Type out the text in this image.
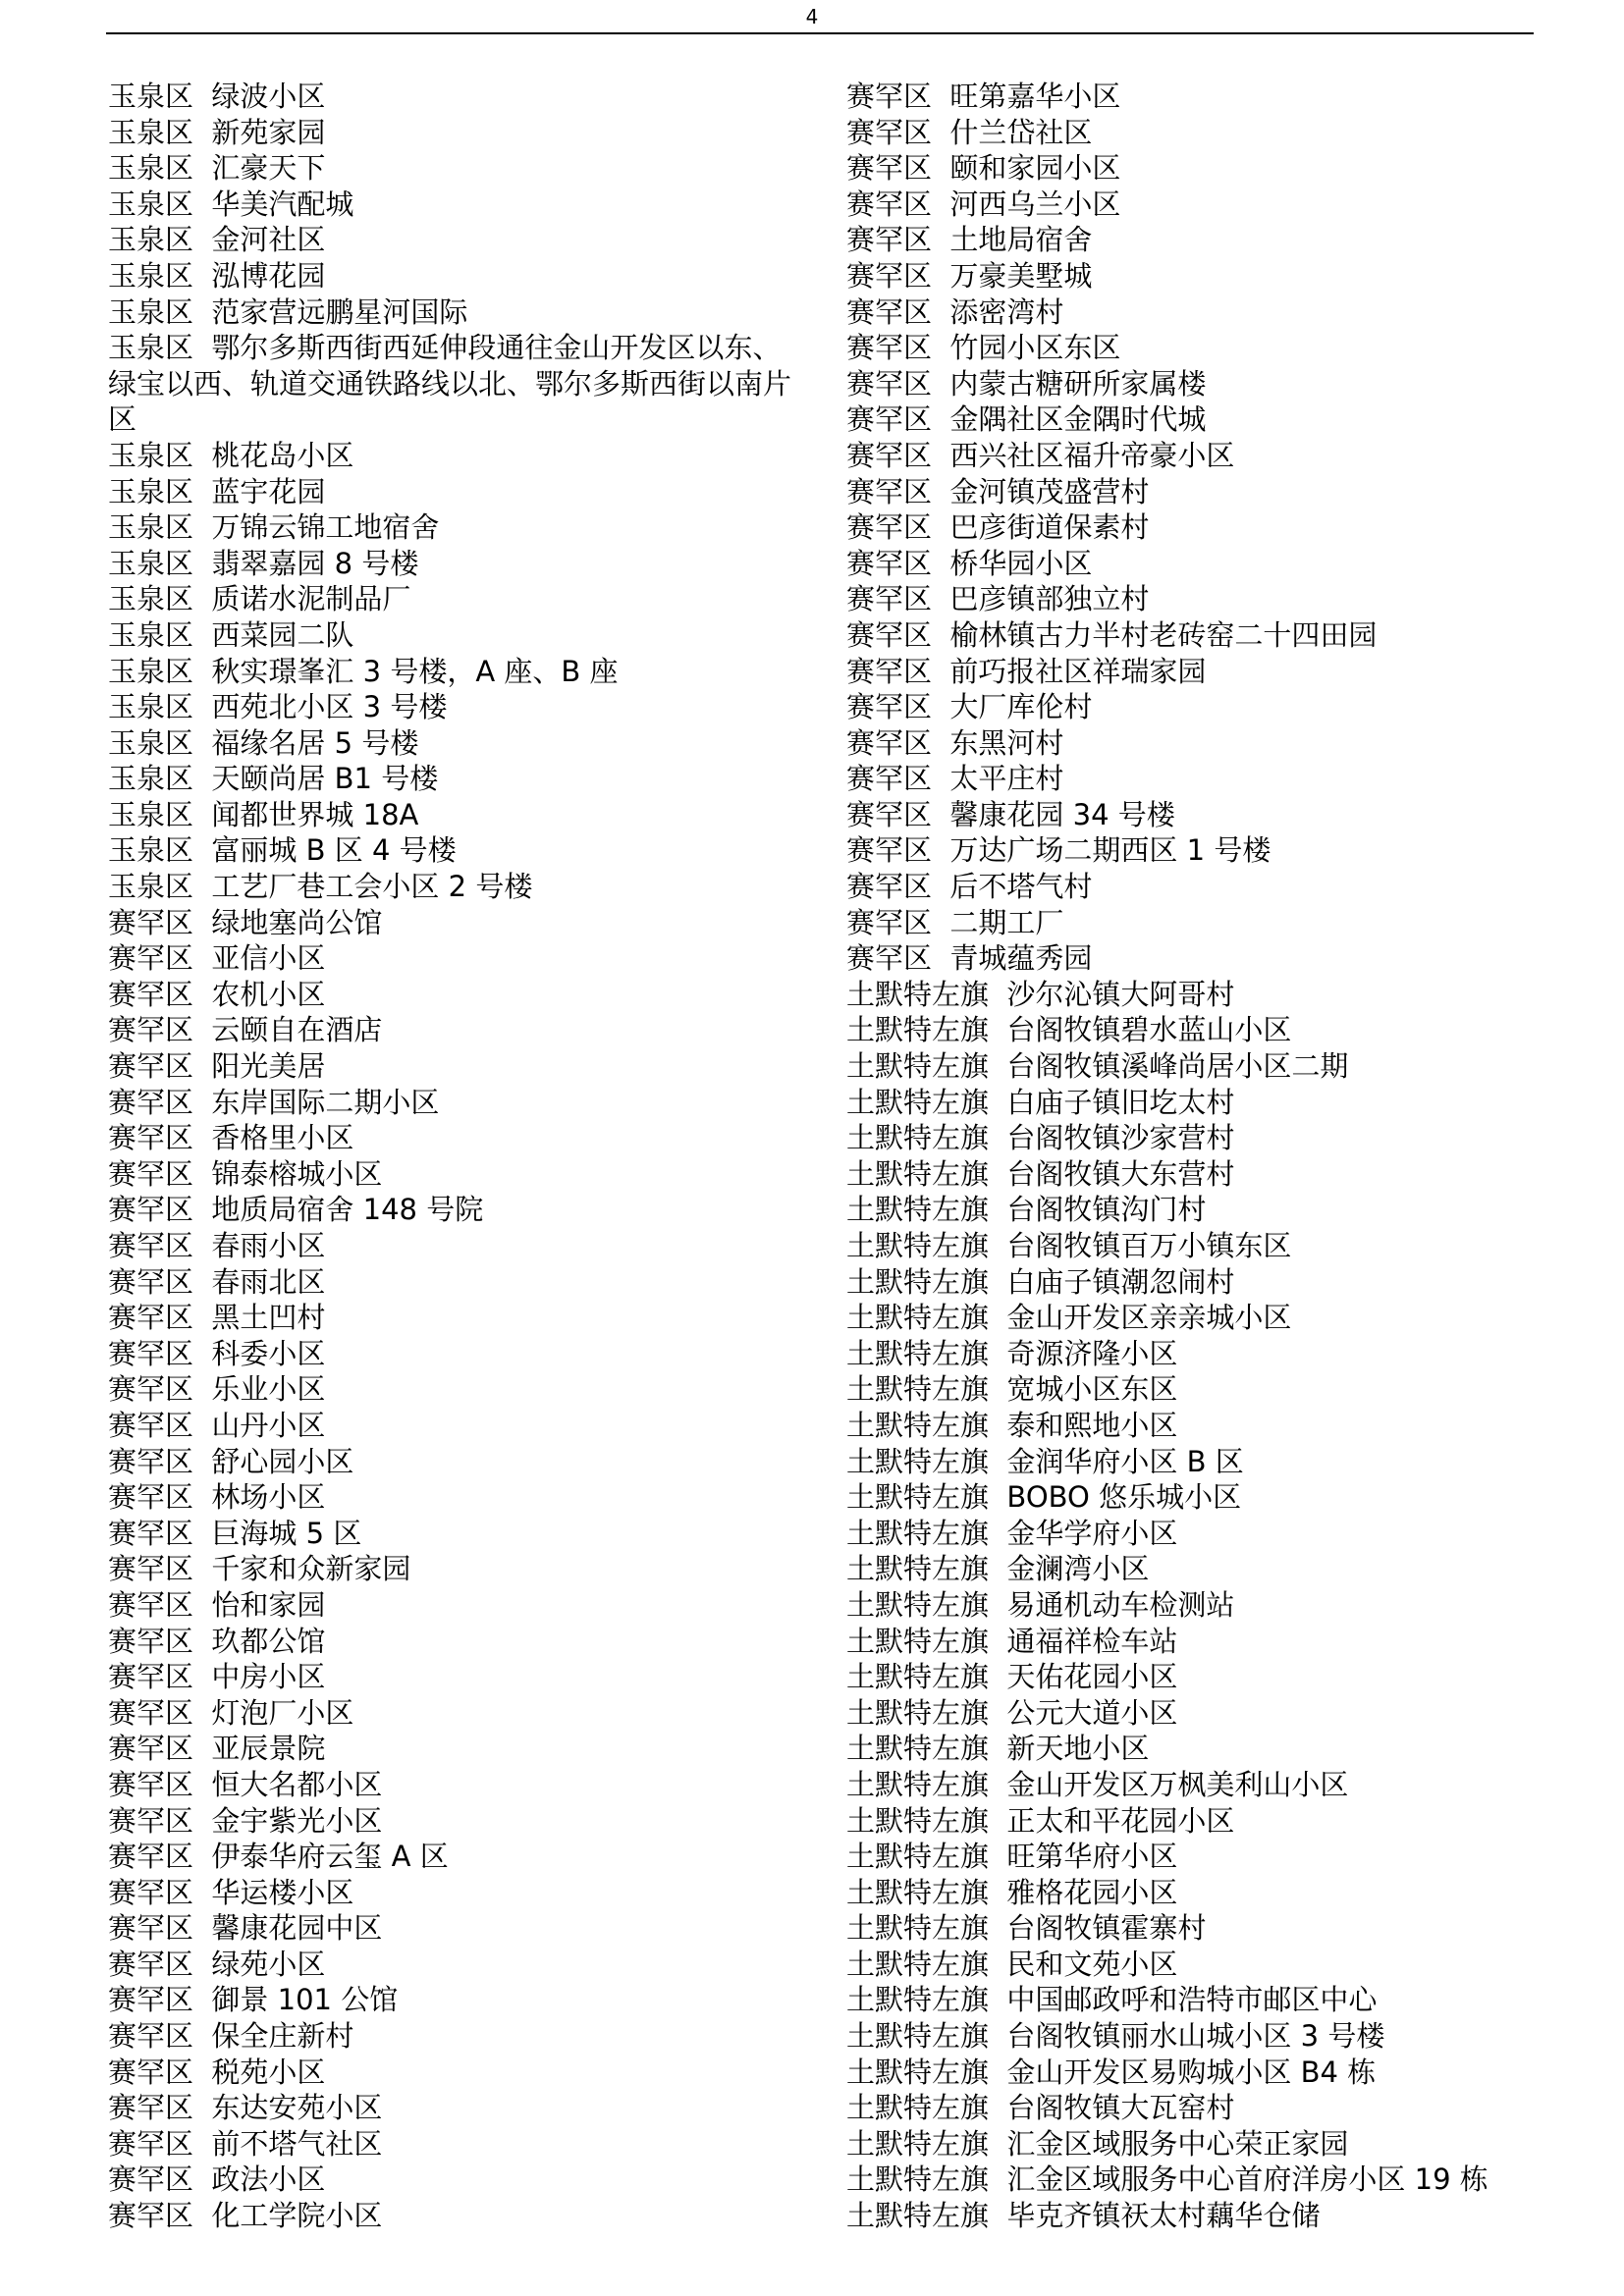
4
玉泉区  绿波小区
玉泉区  新苑家园
玉泉区  汇豪天下
玉泉区  华美汽配城
玉泉区  金河社区
玉泉区  泓博花园
玉泉区  范家营远鹏星河国际
玉泉区  鄂尔多斯西街西延伸段通往金山开发区以东、绿宝以西、轨道交通铁路线以北、鄂尔多斯西街以南片区
玉泉区  桃花岛小区
玉泉区  蓝宇花园
玉泉区  万锦云锦工地宿舍
玉泉区  翡翠嘉园 8 号楼
玉泉区  质诺水泥制品厂
玉泉区  西菜园二队
玉泉区  秋实璟峯汇 3 号楼，A 座、B 座
玉泉区  西苑北小区 3 号楼
玉泉区  福缘名居 5 号楼
玉泉区  天颐尚居 B1 号楼
玉泉区  闻都世界城 18A
玉泉区  富丽城 B 区 4 号楼
玉泉区  工艺厂巷工会小区 2 号楼
赛罕区  绿地塞尚公馆
赛罕区  亚信小区
赛罕区  农机小区
赛罕区  云颐自在酒店
赛罕区  阳光美居
赛罕区  东岸国际二期小区
赛罕区  香格里小区
赛罕区  锦泰榕城小区
赛罕区  地质局宿舍 148 号院
赛罕区  春雨小区
赛罕区  春雨北区
赛罕区  黑土凹村
赛罕区  科委小区
赛罕区  乐业小区
赛罕区  山丹小区
赛罕区  舒心园小区
赛罕区  林场小区
赛罕区  巨海城 5 区
赛罕区  千家和众新家园
赛罕区  怡和家园
赛罕区  玖都公馆
赛罕区  中房小区
赛罕区  灯泡厂小区
赛罕区  亚辰景院
赛罕区  恒大名都小区
赛罕区  金宇紫光小区
赛罕区  伊泰华府云玺 A 区
赛罕区  华运楼小区
赛罕区  馨康花园中区
赛罕区  绿苑小区
赛罕区  御景 101 公馆
赛罕区  保全庄新村
赛罕区  税苑小区
赛罕区  东达安苑小区
赛罕区  前不塔气社区
赛罕区  政法小区
赛罕区  化工学院小区
赛罕区  旺第嘉华小区
赛罕区  什兰岱社区
赛罕区  颐和家园小区
赛罕区  河西乌兰小区
赛罕区  土地局宿舍
赛罕区  万豪美墅城
赛罕区  添密湾村
赛罕区  竹园小区东区
赛罕区  内蒙古糖研所家属楼
赛罕区  金隅社区金隅时代城
赛罕区  西兴社区福升帝豪小区
赛罕区  金河镇茂盛营村
赛罕区  巴彦街道保素村
赛罕区  桥华园小区
赛罕区  巴彦镇部独立村
赛罕区  榆林镇古力半村老砖窑二十四田园
赛罕区  前巧报社区祥瑞家园
赛罕区  大厂库伦村
赛罕区  东黑河村
赛罕区  太平庄村
赛罕区  馨康花园 34 号楼
赛罕区  万达广场二期西区 1 号楼
赛罕区  后不塔气村
赛罕区  二期工厂
赛罕区  青城蕴秀园
土默特左旗  沙尔沁镇大阿哥村
土默特左旗  台阁牧镇碧水蓝山小区
土默特左旗  台阁牧镇溪峰尚居小区二期
土默特左旗  白庙子镇旧圪太村
土默特左旗  台阁牧镇沙家营村
土默特左旗  台阁牧镇大东营村
土默特左旗  台阁牧镇沟门村
土默特左旗  台阁牧镇百万小镇东区
土默特左旗  白庙子镇潮忽闹村
土默特左旗  金山开发区亲亲城小区
土默特左旗  奇源济隆小区
土默特左旗  宽城小区东区
土默特左旗  泰和熙地小区
土默特左旗  金润华府小区 B 区
土默特左旗  BOBO 悠乐城小区
土默特左旗  金华学府小区
土默特左旗  金澜湾小区
土默特左旗  易通机动车检测站
土默特左旗  通福祥检车站
土默特左旗  天佑花园小区
土默特左旗  公元大道小区
土默特左旗  新天地小区
土默特左旗  金山开发区万枫美利山小区
土默特左旗  正太和平花园小区
土默特左旗  旺第华府小区
土默特左旗  雅格花园小区
土默特左旗  台阁牧镇霍寨村
土默特左旗  民和文苑小区
土默特左旗  中国邮政呼和浩特市邮区中心
土默特左旗  台阁牧镇丽水山城小区 3 号楼
土默特左旗  金山开发区易购城小区 B4 栋
土默特左旗  台阁牧镇大瓦窑村
土默特左旗  汇金区域服务中心荣正家园
土默特左旗  汇金区域服务中心首府洋房小区 19 栋
土默特左旗  毕克齐镇祆太村藕华仓储
